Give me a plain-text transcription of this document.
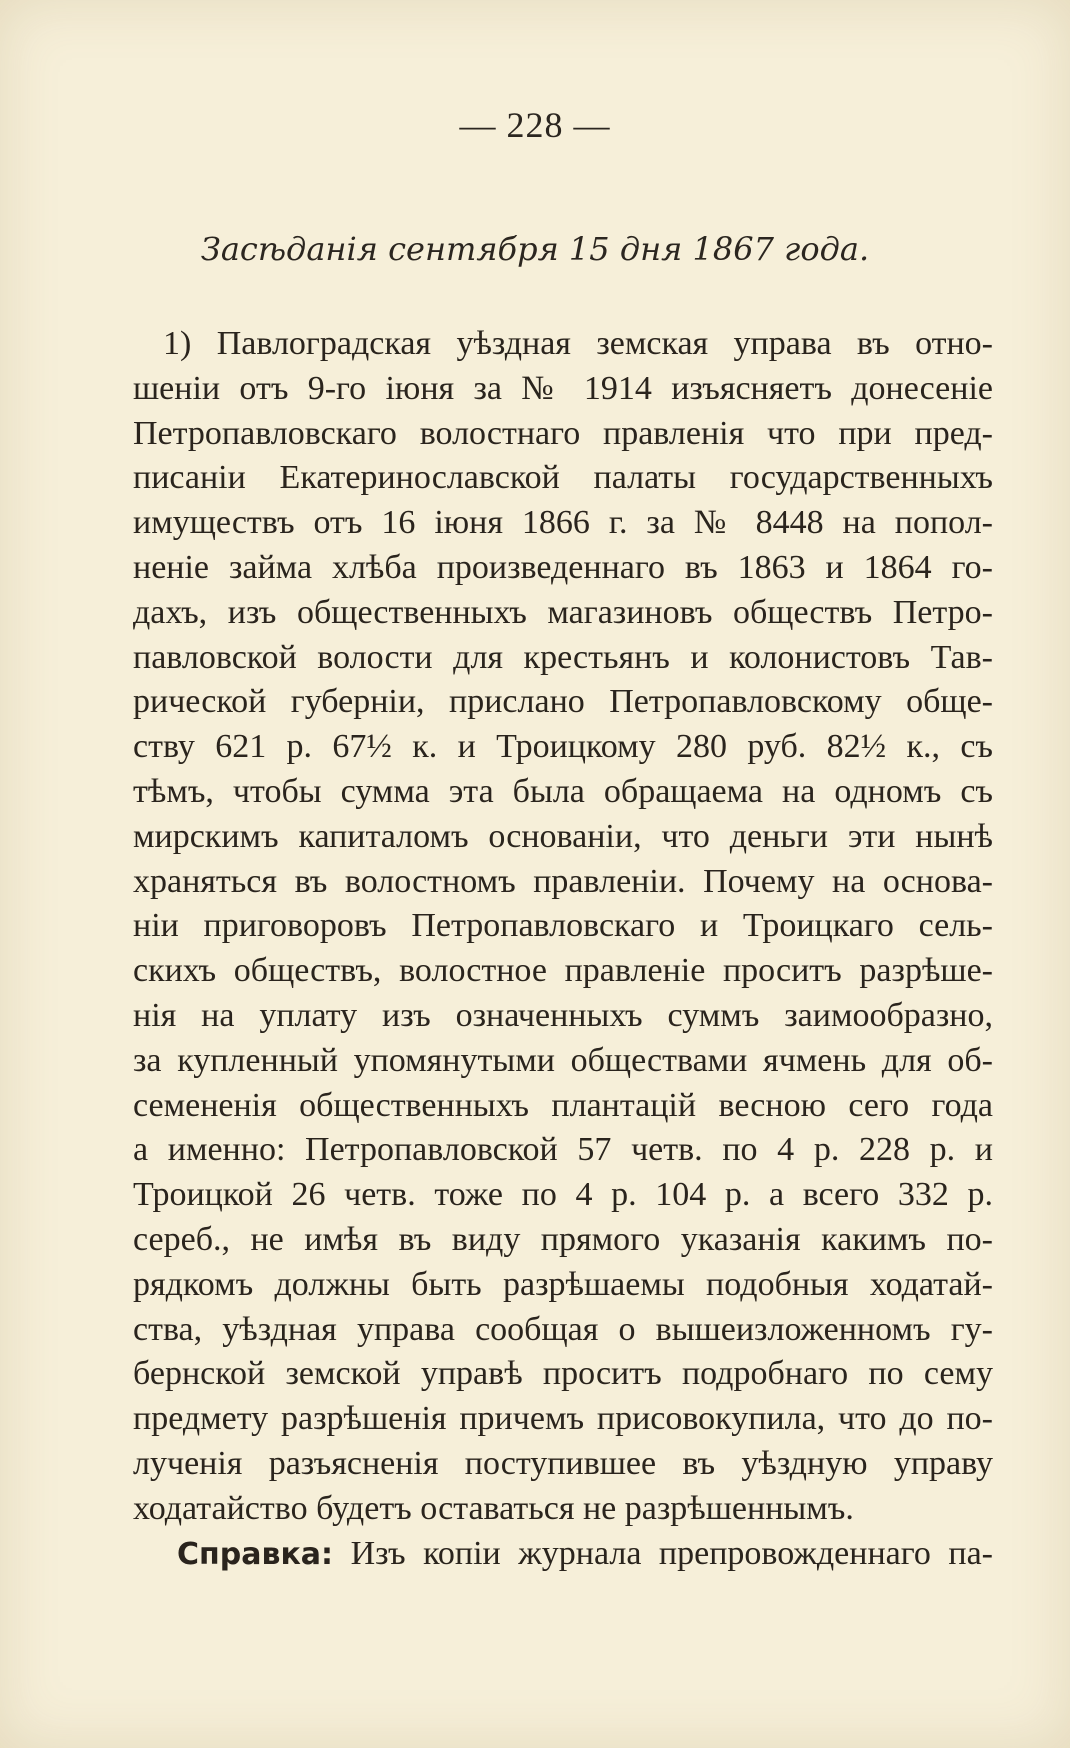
— 228 —
Засѣданія сентября 15 дня 1867 года.
1) Павлоградская уѣздная земская управа въ отно-
шеніи отъ 9-го іюня за № 1914 изъясняетъ донесеніе
Петропавловскаго волостнаго правленія что при пред-
писаніи Екатеринославской палаты государственныхъ
имуществъ отъ 16 іюня 1866 г. за № 8448 на попол-
неніе займа хлѣба произведеннаго въ 1863 и 1864 го-
дахъ, изъ общественныхъ магазиновъ обществъ Петро-
павловской волости для крестьянъ и колонистовъ Тав-
рической губерніи, прислано Петропавловскому обще-
ству 621 р. 67½ к. и Троицкому 280 руб. 82½ к., съ
тѣмъ, чтобы сумма эта была обращаема на одномъ съ
мирскимъ капиталомъ основаніи, что деньги эти нынѣ
храняться въ волостномъ правленіи. Почему на основа-
ніи приговоровъ Петропавловскаго и Троицкаго сель-
скихъ обществъ, волостное правленіе проситъ разрѣше-
нія на уплату изъ означенныхъ суммъ заимообразно,
за купленный упомянутыми обществами ячмень для об-
семененія общественныхъ плантацій весною сего года
а именно: Петропавловской 57 четв. по 4 р. 228 р. и
Троицкой 26 четв. тоже по 4 р. 104 р. а всего 332 р.
сереб., не имѣя въ виду прямого указанія какимъ по-
рядкомъ должны быть разрѣшаемы подобныя ходатай-
ства, уѣздная управа сообщая о вышеизложенномъ гу-
бернской земской управѣ проситъ подробнаго по сему
предмету разрѣшенія причемъ присовокупила, что до по-
лученія разъясненія поступившее въ уѣздную управу
ходатайство будетъ оставаться не разрѣшеннымъ.
Справка: Изъ копіи журнала препровожденнаго па-
